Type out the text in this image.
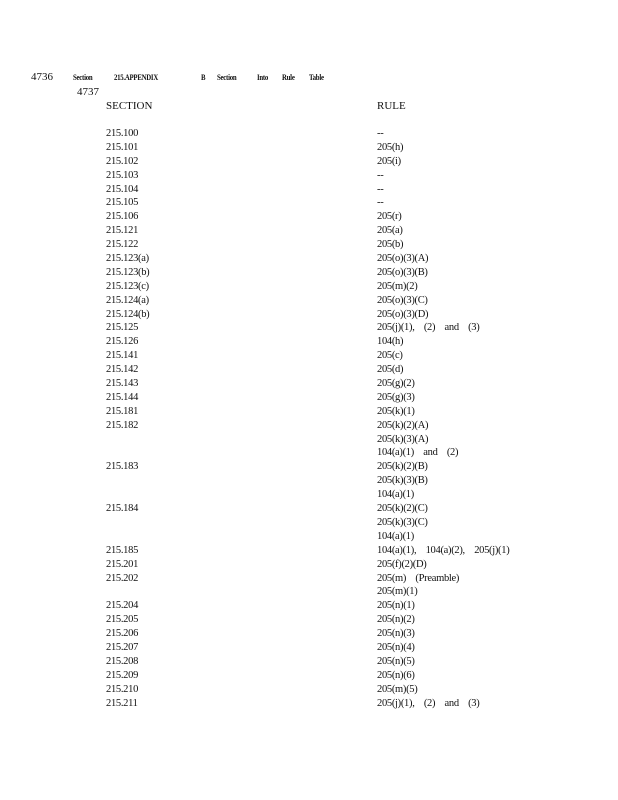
4736	Section	215.APPENDIX	B Section	Into Rule Table
4737
SECTION	RULE
215.100	--
215.101	205(h)
215.102	205(i)
215.103	--
215.104	--
215.105	--
215.106	205(r)
215.121	205(a)
215.122	205(b)
215.123(a)	205(o)(3)(A)
215.123(b)	205(o)(3)(B)
215.123(c)	205(m)(2)
215.124(a)	205(o)(3)(C)
215.124(b)	205(o)(3)(D)
215.125	205(j)(1), (2) and (3)
215.126	104(h)
215.141	205(c)
215.142	205(d)
215.143	205(g)(2)
215.144	205(g)(3)
215.181	205(k)(1)
215.182	205(k)(2)(A)
205(k)(3)(A)
104(a)(1) and (2)
215.183	205(k)(2)(B)
205(k)(3)(B)
104(a)(1)
215.184	205(k)(2)(C)
205(k)(3)(C)
104(a)(1)
215.185	104(a)(1), 104(a)(2), 205(j)(1)
215.201	205(f)(2)(D)
215.202	205(m) (Preamble)
205(m)(1)
215.204	205(n)(1)
215.205	205(n)(2)
215.206	205(n)(3)
215.207	205(n)(4)
215.208	205(n)(5)
215.209	205(n)(6)
215.210	205(m)(5)
215.211	205(j)(1), (2) and (3)
